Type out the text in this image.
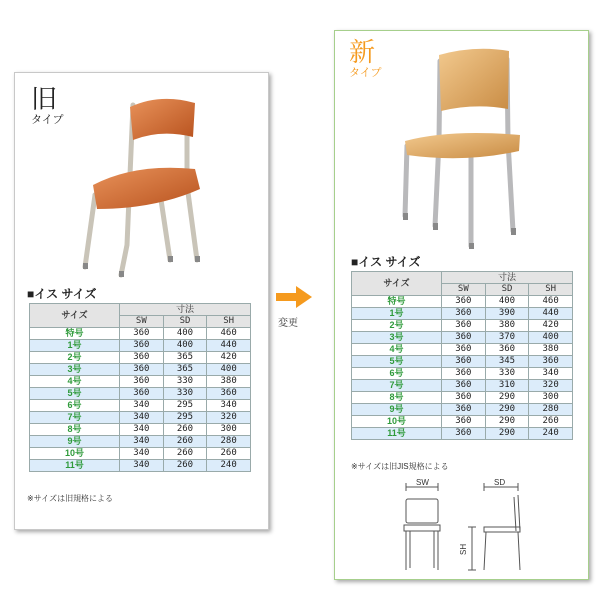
旧
タイプ
■イス サイズ
サイズ	寸法		
	SW	SD	SH
特号	360	400	460
1号	360	400	440
2号	360	365	420
3号	360	365	400
4号	360	330	380
5号	360	330	360
6号	340	295	340
7号	340	295	320
8号	340	260	300
9号	340	260	280
10号	340	260	260
11号	340	260	240
※サイズは旧規格による
変更
新
タイプ
■イス サイズ
サイズ	寸法		
	SW	SD	SH
特号	360	400	460
1号	360	390	440
2号	360	380	420
3号	360	370	400
4号	360	360	380
5号	360	345	360
6号	360	330	340
7号	360	310	320
8号	360	290	300
9号	360	290	280
10号	360	290	260
11号	360	290	240
※サイズは旧JIS規格による
SW	SD
SH
